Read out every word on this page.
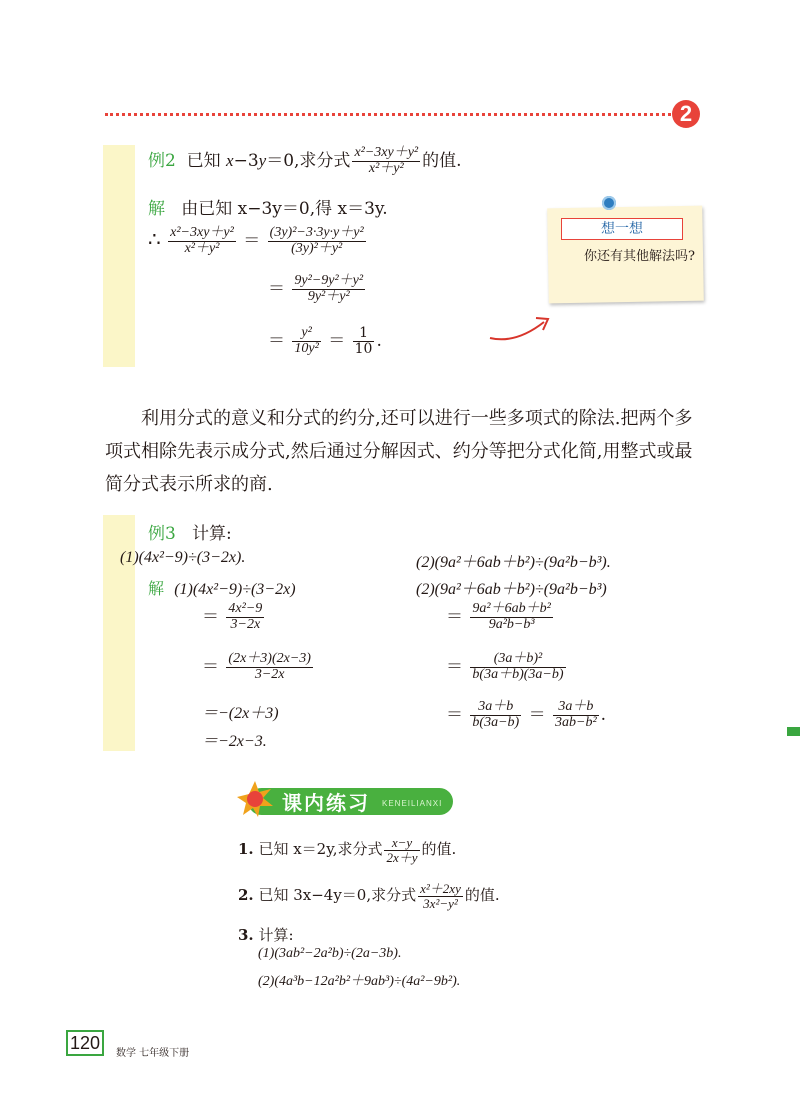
2
例2 已知 x−3y＝0,求分式 $\frac{\text{x²−3xy＋y²}}{\text{x²＋y²}}$ 的值.
解 由已知 x−3y＝0,得 x＝3y.
∴ $\frac{\text{x²−3xy＋y²}}{\text{x²＋y²}} = \frac{\text{(3y)²−3·3y·y＋y²}}{\text{(3y)²＋y²}}$
＝ $\frac{\text{9y²−9y²＋y²}}{\text{9y²＋y²}}$
＝ $\frac{\text{y²}}{\text{10y²}} = \frac{1}{10}$ .
想一想
你还有其他解法吗?
利用分式的意义和分式的约分,还可以进行一些多项式的除法.把两个多项式相除先表示成分式,然后通过分解因式、约分等把分式化简,用整式或最简分式表示所求的商.
例3 计算:
(1)(4x²−9)÷(3−2x).	(2)(9a²＋6ab＋b²)÷(9a²b−b³).
解 (1)(4x²−9)÷(3−2x)	(2)(9a²＋6ab＋b²)÷(9a²b−b³)
＝ $\frac{\text{4x²−9}}{3-2x}$
＝ $\frac{(2x+3)(2x-3)}{3-2x}$
＝−(2x＋3)
＝−2x−3.
＝ $\frac{\text{9a²＋6ab＋b²}}{\text{9a²b−b³}}$
＝ $\frac{\text{(3a＋b)²}}{b(3a+b)(3a-b)}$
＝ $\frac{3a+b}{b(3a-b)} = \frac{3a+b}{\text{3ab−b²}}$ .
课内练习 KENEILIANXI
1. 已知 x＝2y,求分式 $\frac{x-y}{2x+y}$ 的值.
2. 已知 3x−4y＝0,求分式 $\frac{\text{x²＋2xy}}{\text{3x²−y²}}$ 的值.
3. 计算:
(1)(3ab²−2a²b)÷(2a−3b).
(2)(4a³b−12a²b²＋9ab³)÷(4a²−9b²).
120
数学 七年级下册
